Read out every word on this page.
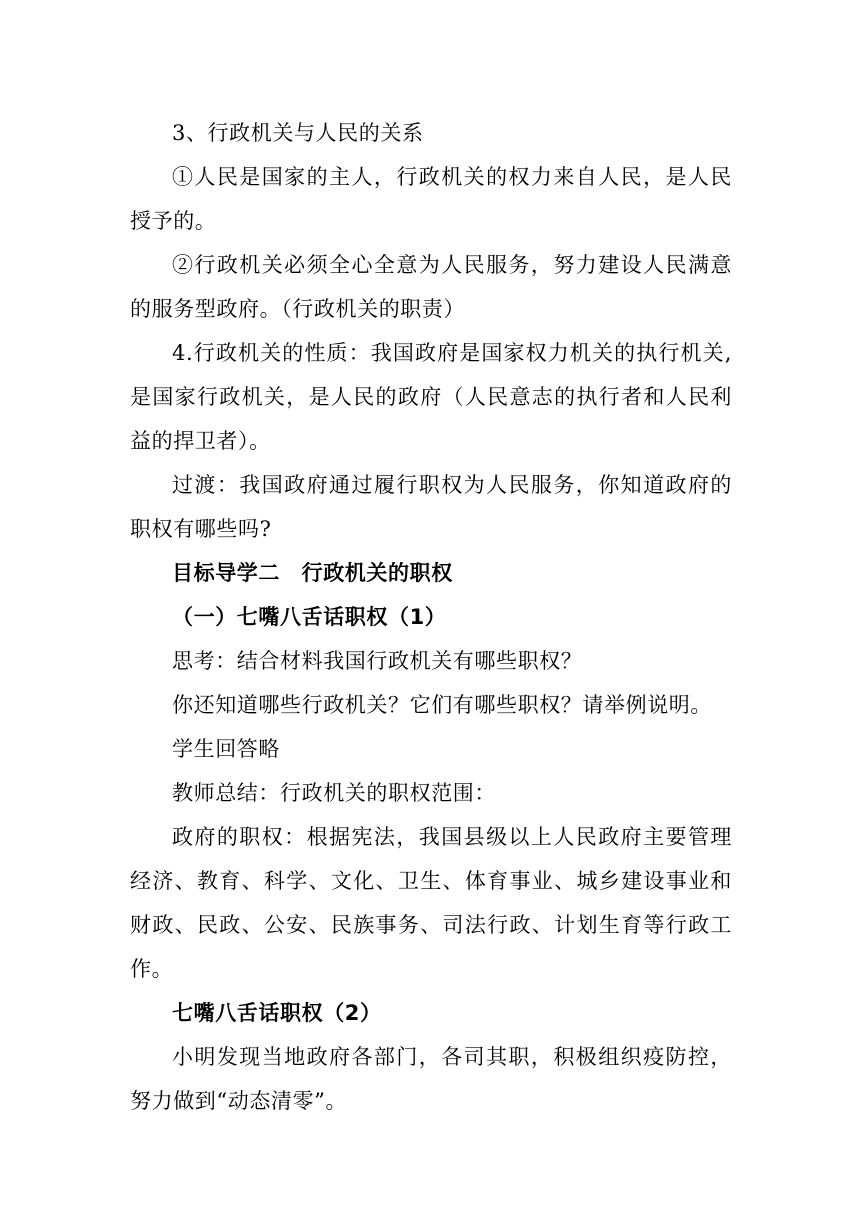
3、行政机关与人民的关系

①人民是国家的主人，行政机关的权力来自人民，是人民授予的。

②行政机关必须全心全意为人民服务，努力建设人民满意的服务型政府。（行政机关的职责）

4.行政机关的性质：我国政府是国家权力机关的执行机关,是国家行政机关，是人民的政府（人民意志的执行者和人民利益的捍卫者）。

过渡：我国政府通过履行职权为人民服务，你知道政府的职权有哪些吗?

目标导学二　行政机关的职权

（一）七嘴八舌话职权（1）

思考：结合材料我国行政机关有哪些职权？

你还知道哪些行政机关？它们有哪些职权？请举例说明。

学生回答略

教师总结：行政机关的职权范围：

政府的职权：根据宪法，我国县级以上人民政府主要管理经济、教育、科学、文化、卫生、体育事业、城乡建设事业和财政、民政、公安、民族事务、司法行政、计划生育等行政工作。

七嘴八舌话职权（2）

小明发现当地政府各部门，各司其职，积极组织疫防控，努力做到“动态清零”。
